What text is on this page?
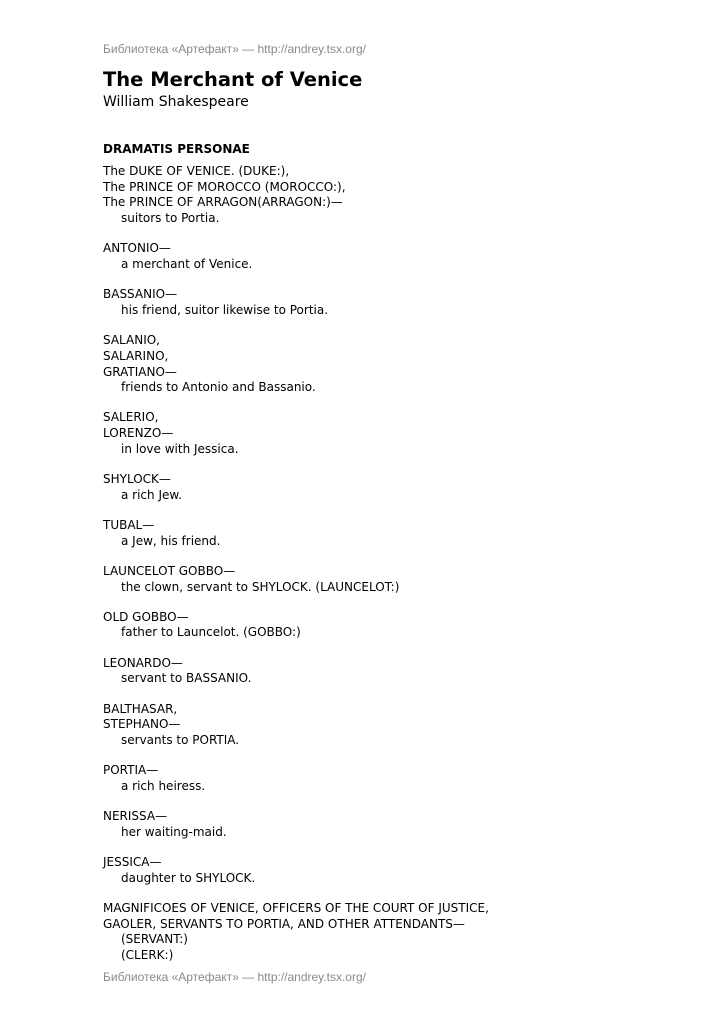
Библиотека «Артефакт» — http://andrey.tsx.org/
The Merchant of Venice
William Shakespeare
DRAMATIS PERSONAE
The DUKE OF VENICE. (DUKE:),
The PRINCE OF MOROCCO (MOROCCO:),
The PRINCE OF ARRAGON(ARRAGON:)—
suitors to Portia.
ANTONIO—
a merchant of Venice.
BASSANIO—
his friend, suitor likewise to Portia.
SALANIO,
SALARINO,
GRATIANO—
friends to Antonio and Bassanio.
SALERIO,
LORENZO—
in love with Jessica.
SHYLOCK—
a rich Jew.
TUBAL—
a Jew, his friend.
LAUNCELOT GOBBO—
the clown, servant to SHYLOCK. (LAUNCELOT:)
OLD GOBBO—
father to Launcelot. (GOBBO:)
LEONARDO—
servant to BASSANIO.
BALTHASAR,
STEPHANO—
servants to PORTIA.
PORTIA—
a rich heiress.
NERISSA—
her waiting-maid.
JESSICA—
daughter to SHYLOCK.
MAGNIFICOES OF VENICE, OFFICERS OF THE COURT OF JUSTICE,
GAOLER, SERVANTS TO PORTIA, AND OTHER ATTENDANTS—
(SERVANT:)
(CLERK:)
Библиотека «Артефакт» — http://andrey.tsx.org/
